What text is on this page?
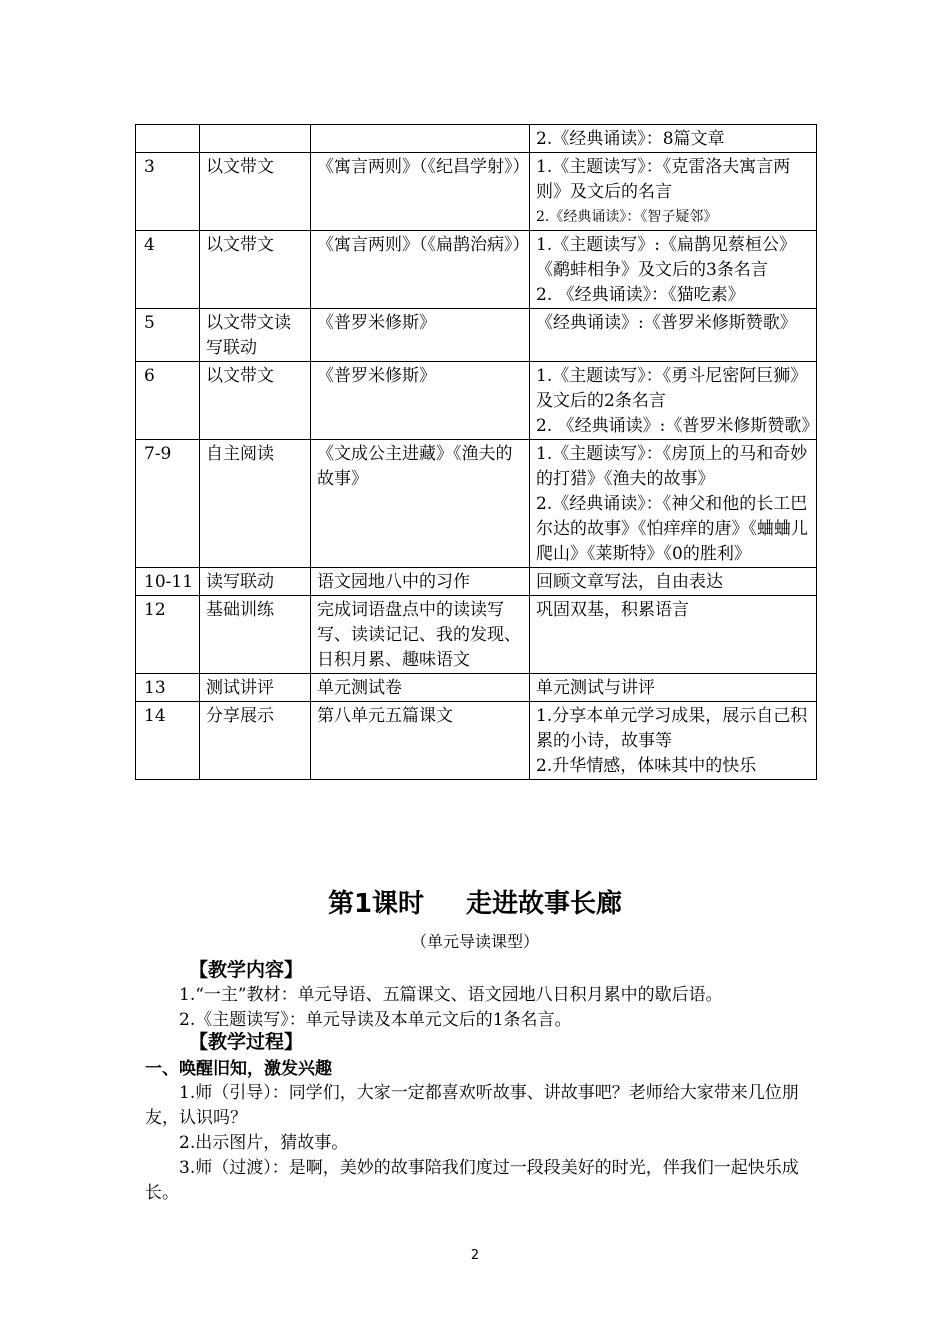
			2.《经典诵读》：8篇文章

3	以文带文	《寓言两则》（《纪昌学射》）	1.《主题读写》：《克雷洛夫寓言两则》及文后的名言
2.《经典诵读》：《智子疑邻》

4	以文带文	《寓言两则》（《扁鹊治病》）	1.《主题读写》:《扁鹊见蔡桓公》《鹬蚌相争》及文后的3条名言
2. 《经典诵读》：《猫吃素》

5	以文带文读写联动	《普罗米修斯》	《经典诵读》:《普罗米修斯赞歌》

6	以文带文	《普罗米修斯》	1.《主题读写》：《勇斗尼密阿巨狮》及文后的2条名言
2. 《经典诵读》:《普罗米修斯赞歌》

7-9	自主阅读	《文成公主进藏》《渔夫的故事》	1.《主题读写》：《房顶上的马和奇妙的打猎》《渔夫的故事》
2.《经典诵读》：《神父和他的长工巴尔达的故事》《怕痒痒的唐》《蛐蛐儿爬山》《莱斯特》《0的胜利》

10-11	读写联动	语文园地八中的习作	回顾文章写法，自由表达

12	基础训练	完成词语盘点中的读读写写、读读记记、我的发现、日积月累、趣味语文	巩固双基，积累语言

13	测试讲评	单元测试卷	单元测试与讲评

14	分享展示	第八单元五篇课文	1.分享本单元学习成果，展示自己积累的小诗，故事等
2.升华情感，体味其中的快乐
第1课时 走进故事长廊
（单元导读课型）
【教学内容】

1.“一主”教材：单元导语、五篇课文、语文园地八日积月累中的歇后语。

2.《主题读写》：单元导读及本单元文后的1条名言。

【教学过程】
一、唤醒旧知，激发兴趣

1.师（引导）：同学们，大家一定都喜欢听故事、讲故事吧？老师给大家带来几位朋友，认识吗？

2.出示图片，猜故事。

3.师（过渡）：是啊，美妙的故事陪我们度过一段段美好的时光，伴我们一起快乐成长。

2
